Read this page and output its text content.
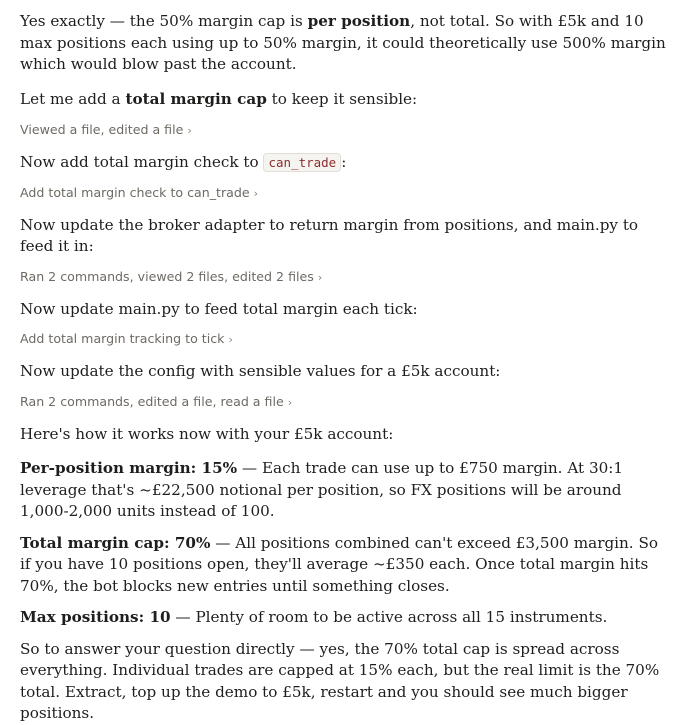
Yes exactly — the 50% margin cap is per position, not total. So with £5k and 10 max positions each using up to 50% margin, it could theoretically use 500% margin which would blow past the account.

Let me add a total margin cap to keep it sensible:

Viewed a file, edited a file ›

Now add total margin check to can_trade :

Add total margin check to can_trade ›

Now update the broker adapter to return margin from positions, and main.py to feed it in:

Ran 2 commands, viewed 2 files, edited 2 files ›

Now update main.py to feed total margin each tick:

Add total margin tracking to tick ›

Now update the config with sensible values for a £5k account:

Ran 2 commands, edited a file, read a file ›

Here's how it works now with your £5k account:

Per-position margin: 15% — Each trade can use up to £750 margin. At 30:1 leverage that's ~£22,500 notional per position, so FX positions will be around 1,000-2,000 units instead of 100.

Total margin cap: 70% — All positions combined can't exceed £3,500 margin. So if you have 10 positions open, they'll average ~£350 each. Once total margin hits 70%, the bot blocks new entries until something closes.

Max positions: 10 — Plenty of room to be active across all 15 instruments.

So to answer your question directly — yes, the 70% total cap is spread across everything. Individual trades are capped at 15% each, but the real limit is the 70% total. Extract, top up the demo to £5k, restart and you should see much bigger positions.
